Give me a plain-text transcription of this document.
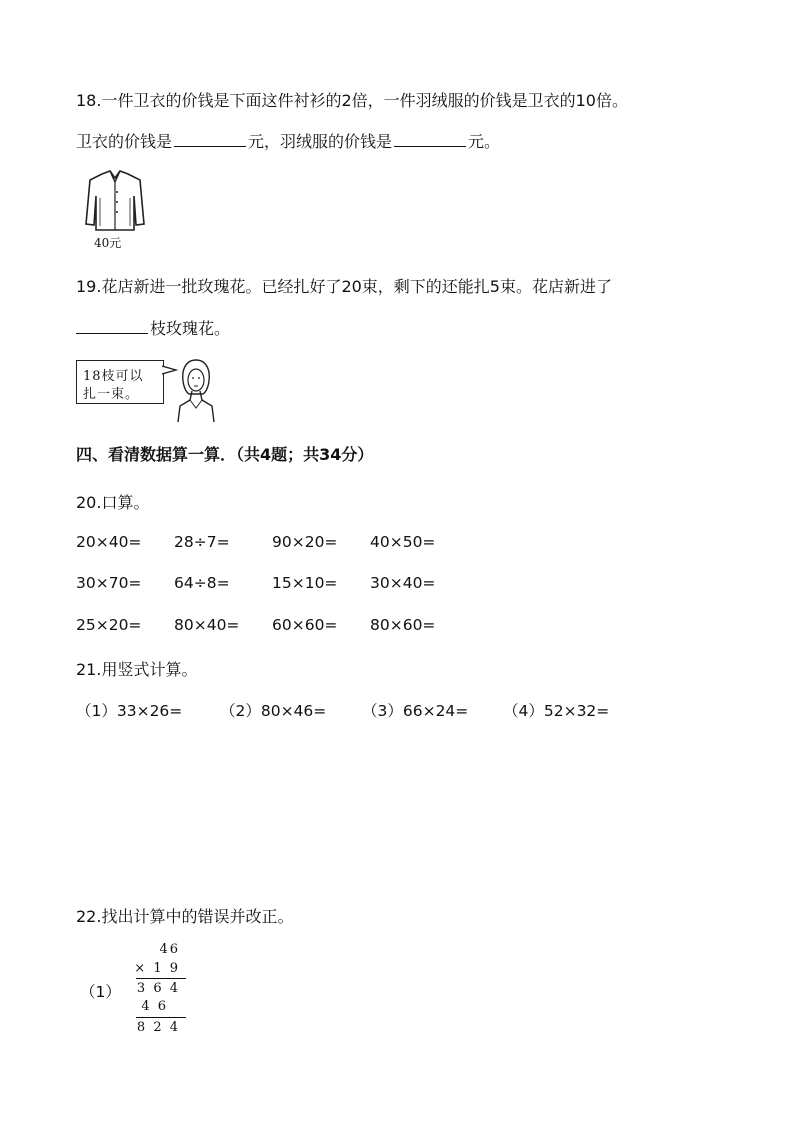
18.一件卫衣的价钱是下面这件衬衫的2倍，一件羽绒服的价钱是卫衣的10倍。
卫衣的价钱是	元，羽绒服的价钱是	元。
40元
19.花店新进一批玫瑰花。已经扎好了20束，剩下的还能扎5束。花店新进了
枝玫瑰花。
18枝可以
扎一束。
四、看清数据算一算．（共4题；共34分）
20.口算。
20×40= 28÷7=	90×20= 40×50=
30×70= 64÷8=	15×10= 30×40=
25×20= 80×40= 60×60= 80×60=
21.用竖式计算。
（1）33×26= （2）80×46= （3）66×24= （4）52×32=
22.找出计算中的错误并改正。
（1）
46
× 1 9
3 6 4
4 6
8 2 4
